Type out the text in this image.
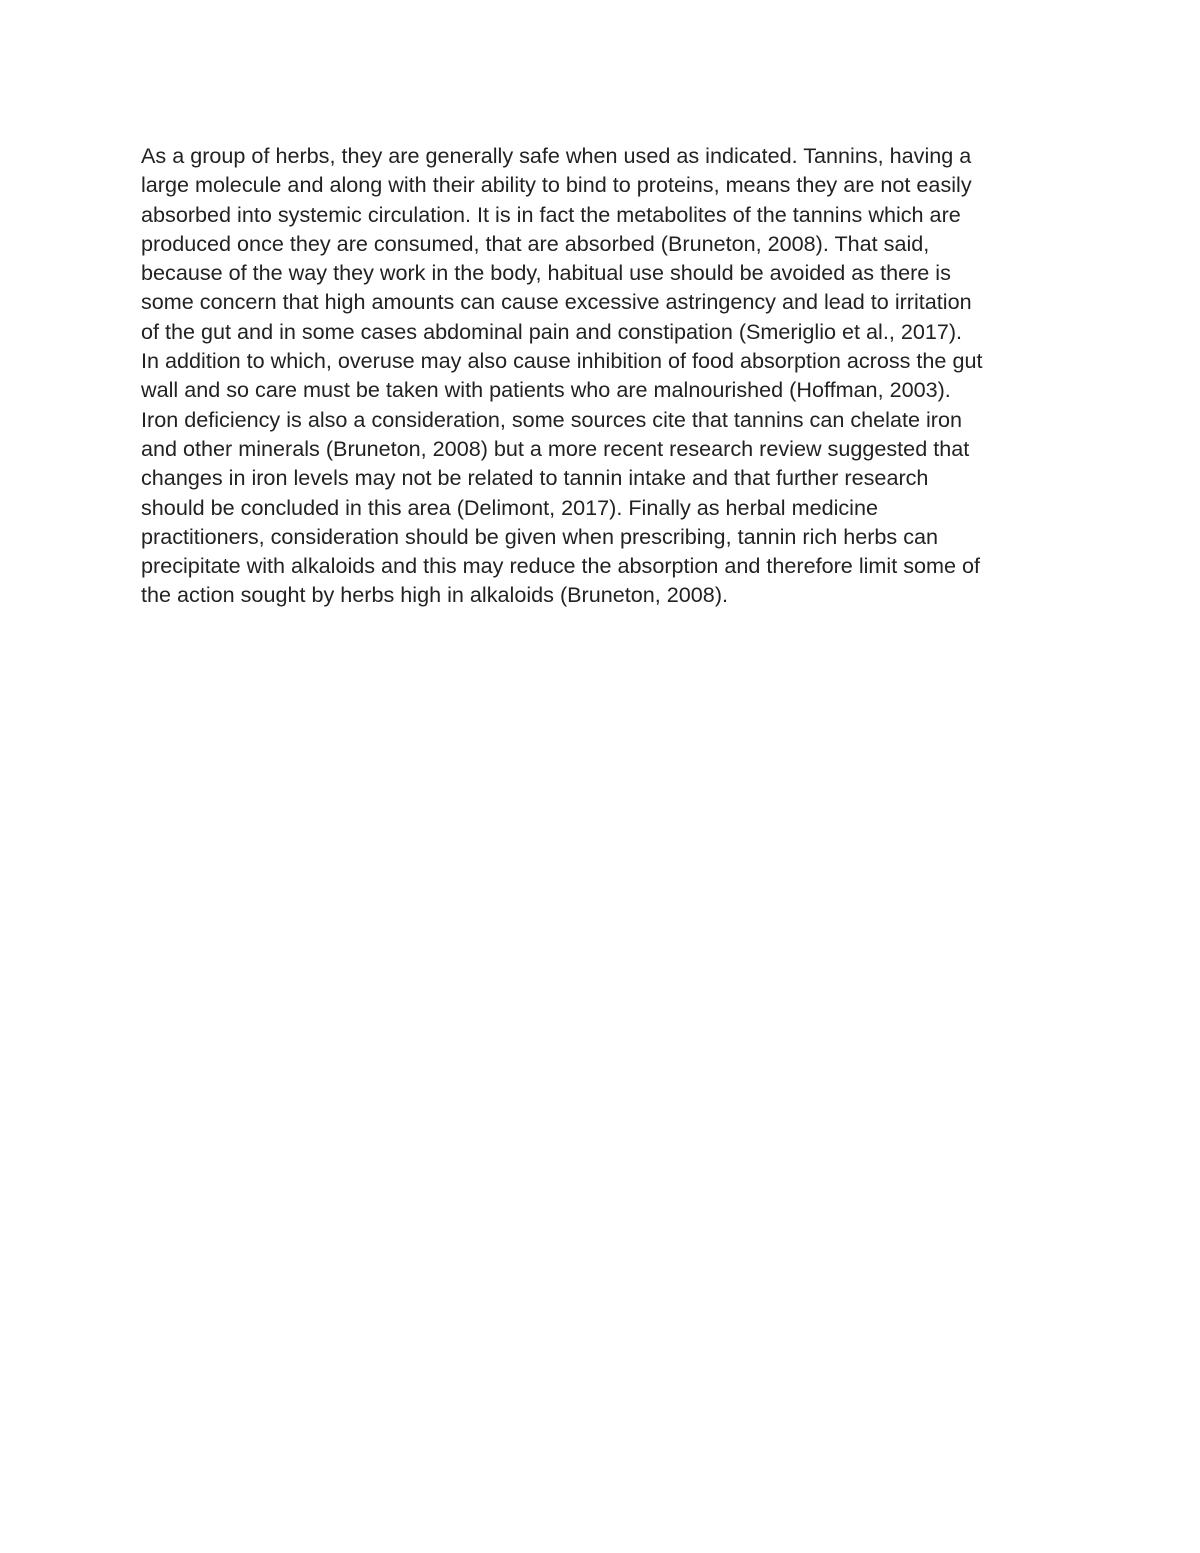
As a group of herbs, they are generally safe when used as indicated. Tannins, having a
large molecule and along with their ability to bind to proteins, means they are not easily
absorbed into systemic circulation. It is in fact the metabolites of the tannins which are
produced once they are consumed, that are absorbed (Bruneton, 2008). That said,
because of the way they work in the body, habitual use should be avoided as there is
some concern that high amounts can cause excessive astringency and lead to irritation
of the gut and in some cases abdominal pain and constipation (Smeriglio et al., 2017).
In addition to which, overuse may also cause inhibition of food absorption across the gut
wall and so care must be taken with patients who are malnourished (Hoffman, 2003).
Iron deficiency is also a consideration, some sources cite that tannins can chelate iron
and other minerals (Bruneton, 2008) but a more recent research review suggested that
changes in iron levels may not be related to tannin intake and that further research
should be concluded in this area (Delimont, 2017). Finally as herbal medicine
practitioners, consideration should be given when prescribing, tannin rich herbs can
precipitate with alkaloids and this may reduce the absorption and therefore limit some of
the action sought by herbs high in alkaloids (Bruneton, 2008).
